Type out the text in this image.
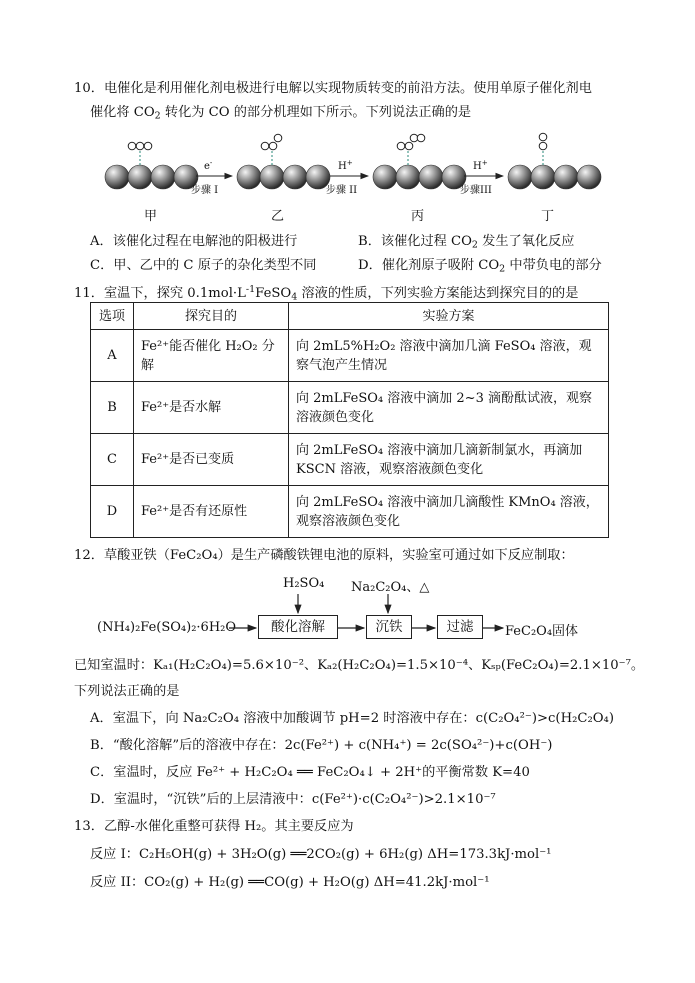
10．电催化是利用催化剂电极进行电解以实现物质转变的前沿方法。使用单原子催化剂电
催化将 $CO_2$ 转化为 CO 的部分机理如下所示。下列说法正确的是
甲	乙	丙	丁
e-	H+	H+
步骤 I	步骤 II	步骤III
A．该催化过程在电解池的阳极进行	B．该催化过程 $CO_2$ 发生了氧化反应
C．甲、乙中的 C 原子的杂化类型不同	D．催化剂原子吸附 $CO_2$ 中带负电的部分
11．室温下，探究 $0.1mol\cdot L^{-1}FeSO_4$ 溶液的性质，下列实验方案能达到探究目的的是
选项	探究目的	实验方案
A	Fe²⁺能否催化 H₂O₂ 分解	向 2mL5%H₂O₂ 溶液中滴加几滴 FeSO₄ 溶液，观察气泡产生情况
B	Fe²⁺是否水解	向 2mLFeSO₄ 溶液中滴加 2~3 滴酚酞试液，观察溶液颜色变化
C	Fe²⁺是否已变质	向 2mLFeSO₄ 溶液中滴加几滴新制氯水，再滴加 KSCN 溶液，观察溶液颜色变化
D	Fe²⁺是否有还原性	向 2mLFeSO₄ 溶液中滴加几滴酸性 KMnO₄ 溶液，观察溶液颜色变化
12．草酸亚铁（FeC₂O₄）是生产磷酸铁锂电池的原料，实验室可通过如下反应制取：
H₂SO₄ Na₂C₂O₄、△
(NH₄)₂Fe(SO₄)₂·6H₂O	酸化溶解	沉铁	过滤	FeC₂O₄固体
已知室温时：Kₐ₁(H₂C₂O₄)=5.6×10⁻²、Kₐ₂(H₂C₂O₄)=1.5×10⁻⁴、Kₛₚ(FeC₂O₄)=2.1×10⁻⁷。
下列说法正确的是
A．室温下，向 Na₂C₂O₄ 溶液中加酸调节 pH=2 时溶液中存在：c(C₂O₄²⁻)>c(H₂C₂O₄)
B．“酸化溶解”后的溶液中存在：2c(Fe²⁺) + c(NH₄⁺) = 2c(SO₄²⁻)+c(OH⁻)
C．室温时，反应 Fe²⁺ + H₂C₂O₄ ══ FeC₂O₄↓ + 2H⁺的平衡常数 K=40
D．室温时，“沉铁”后的上层清液中：c(Fe²⁺)·c(C₂O₄²⁻)>2.1×10⁻⁷
13．乙醇-水催化重整可获得 H₂。其主要反应为
反应 I：C₂H₅OH(g) + 3H₂O(g) ══2CO₂(g) + 6H₂(g) ΔH=173.3kJ·mol⁻¹
反应 II：CO₂(g) + H₂(g) ══CO(g) + H₂O(g) ΔH=41.2kJ·mol⁻¹
